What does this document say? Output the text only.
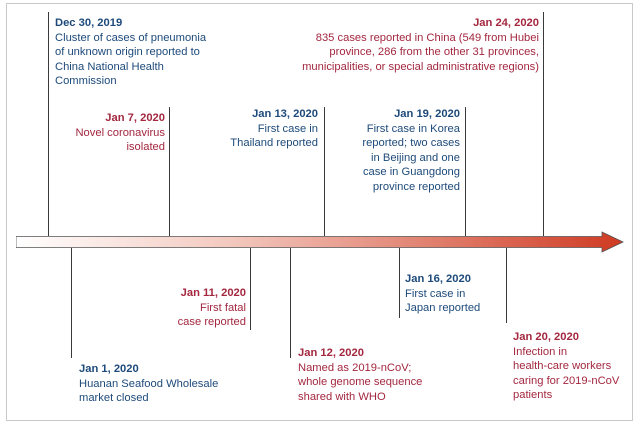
Dec 30, 2019
Cluster of cases of pneumonia
of unknown origin reported to
China National Health
Commission
Jan 7, 2020
Novel coronavirus
isolated
Jan 13, 2020
First case in
Thailand reported
Jan 19, 2020
First case in Korea
reported; two cases
in Beijing and one
case in Guangdong
province reported
Jan 24, 2020
835 cases reported in China (549 from Hubei
province, 286 from the other 31 provinces,
municipalities, or special administrative regions)
Jan 1, 2020
Huanan Seafood Wholesale
market closed
Jan 11, 2020
First fatal
case reported
Jan 12, 2020
Named as 2019-nCoV;
whole genome sequence
shared with WHO
Jan 16, 2020
First case in
Japan reported
Jan 20, 2020
Infection in
health-care workers
caring for 2019-nCoV
patients
